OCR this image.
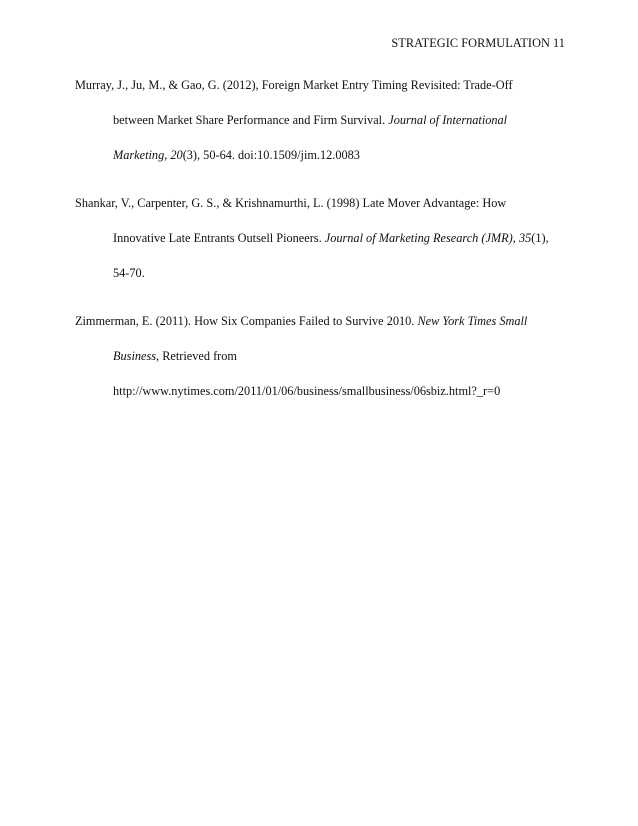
STRATEGIC FORMULATION 11
Murray, J., Ju, M., & Gao, G. (2012), Foreign Market Entry Timing Revisited: Trade-Off
between Market Share Performance and Firm Survival. Journal of International
Marketing, 20(3), 50-64. doi:10.1509/jim.12.0083
Shankar, V., Carpenter, G. S., & Krishnamurthi, L. (1998) Late Mover Advantage: How
Innovative Late Entrants Outsell Pioneers. Journal of Marketing Research (JMR), 35(1),
54-70.
Zimmerman, E. (2011). How Six Companies Failed to Survive 2010. New York Times Small
Business, Retrieved from
http://www.nytimes.com/2011/01/06/business/smallbusiness/06sbiz.html?_r=0
